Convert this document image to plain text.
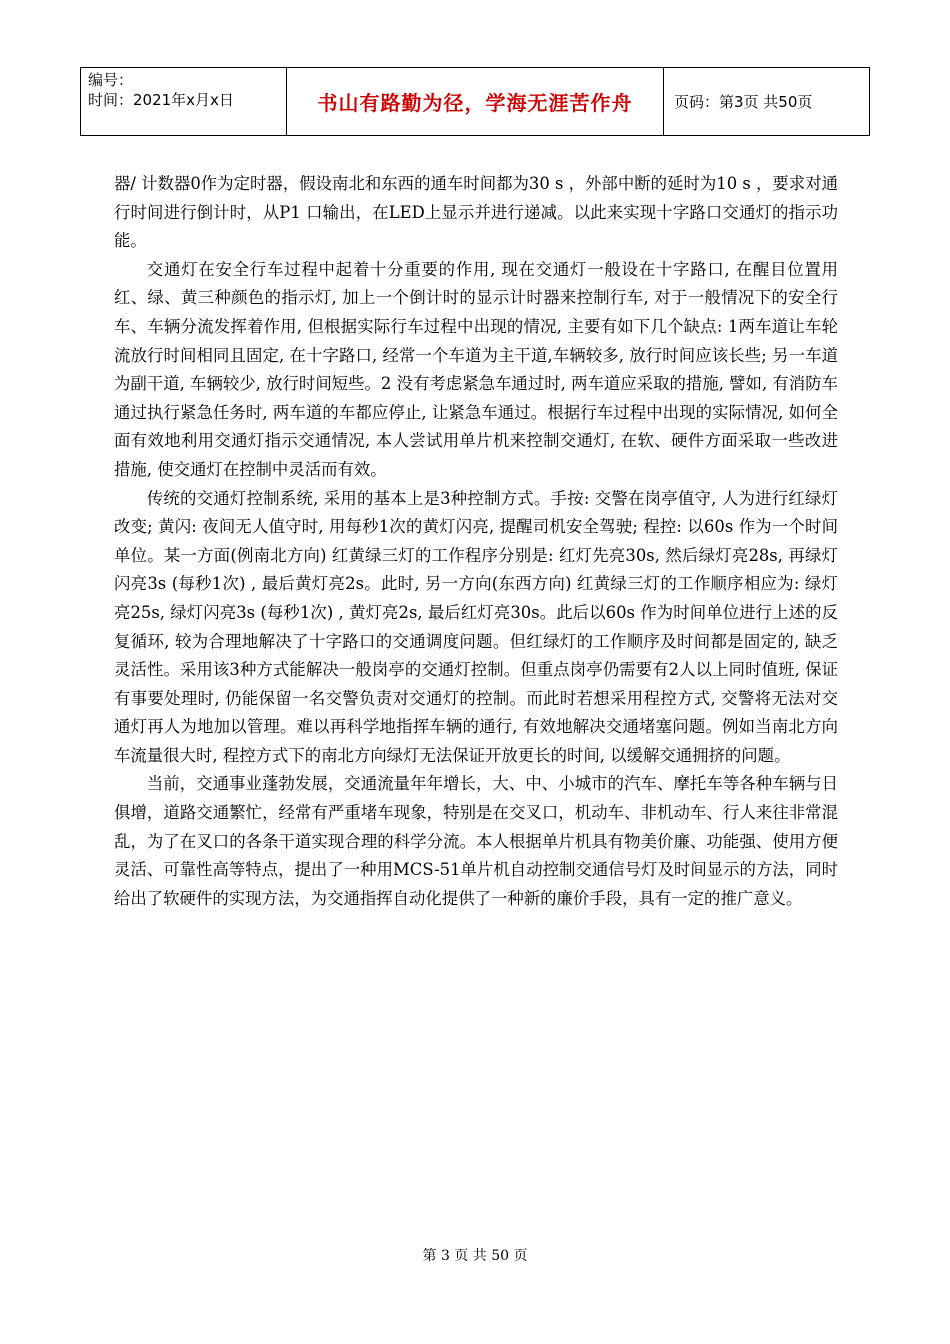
编号：
时间：2021年x月x日	书山有路勤为径，学海无涯苦作舟	页码：第3页 共50页

器/ 计数器0作为定时器，假设南北和东西的通车时间都为30 s ，外部中断的延时为10 s ，要求对通行时间进行倒计时，从P1 口输出，在LED上显示并进行递减。以此来实现十字路口交通灯的指示功能。

交通灯在安全行车过程中起着十分重要的作用, 现在交通灯一般设在十字路口, 在醒目位置用红、绿、黄三种颜色的指示灯, 加上一个倒计时的显示计时器来控制行车, 对于一般情况下的安全行车、车辆分流发挥着作用, 但根据实际行车过程中出现的情况, 主要有如下几个缺点: 1两车道让车轮流放行时间相同且固定, 在十字路口, 经常一个车道为主干道,车辆较多, 放行时间应该长些; 另一车道为副干道, 车辆较少, 放行时间短些。2 没有考虑紧急车通过时, 两车道应采取的措施, 譬如, 有消防车通过执行紧急任务时, 两车道的车都应停止, 让紧急车通过。根据行车过程中出现的实际情况, 如何全面有效地利用交通灯指示交通情况, 本人尝试用单片机来控制交通灯, 在软、硬件方面采取一些改进措施, 使交通灯在控制中灵活而有效。

传统的交通灯控制系统, 采用的基本上是3种控制方式。手按: 交警在岗亭值守, 人为进行红绿灯改变; 黄闪: 夜间无人值守时, 用每秒1次的黄灯闪亮, 提醒司机安全驾驶; 程控: 以60s 作为一个时间单位。某一方面(例南北方向) 红黄绿三灯的工作程序分别是: 红灯先亮30s, 然后绿灯亮28s, 再绿灯闪亮3s (每秒1次) , 最后黄灯亮2s。此时, 另一方向(东西方向) 红黄绿三灯的工作顺序相应为: 绿灯亮25s, 绿灯闪亮3s (每秒1次) , 黄灯亮2s, 最后红灯亮30s。此后以60s 作为时间单位进行上述的反复循环, 较为合理地解决了十字路口的交通调度问题。但红绿灯的工作顺序及时间都是固定的, 缺乏灵活性。采用该3种方式能解决一般岗亭的交通灯控制。但重点岗亭仍需要有2人以上同时值班, 保证有事要处理时, 仍能保留一名交警负责对交通灯的控制。而此时若想采用程控方式, 交警将无法对交通灯再人为地加以管理。难以再科学地指挥车辆的通行, 有效地解决交通堵塞问题。例如当南北方向车流量很大时, 程控方式下的南北方向绿灯无法保证开放更长的时间, 以缓解交通拥挤的问题。

当前，交通事业蓬勃发展，交通流量年年增长，大、中、小城市的汽车、摩托车等各种车辆与日俱增，道路交通繁忙，经常有严重堵车现象，特别是在交叉口，机动车、非机动车、行人来往非常混乱，为了在叉口的各条干道实现合理的科学分流。本人根据单片机具有物美价廉、功能强、使用方便灵活、可靠性高等特点，提出了一种用MCS-51单片机自动控制交通信号灯及时间显示的方法，同时给出了软硬件的实现方法，为交通指挥自动化提供了一种新的廉价手段，具有一定的推广意义。

第 3 页 共 50 页
